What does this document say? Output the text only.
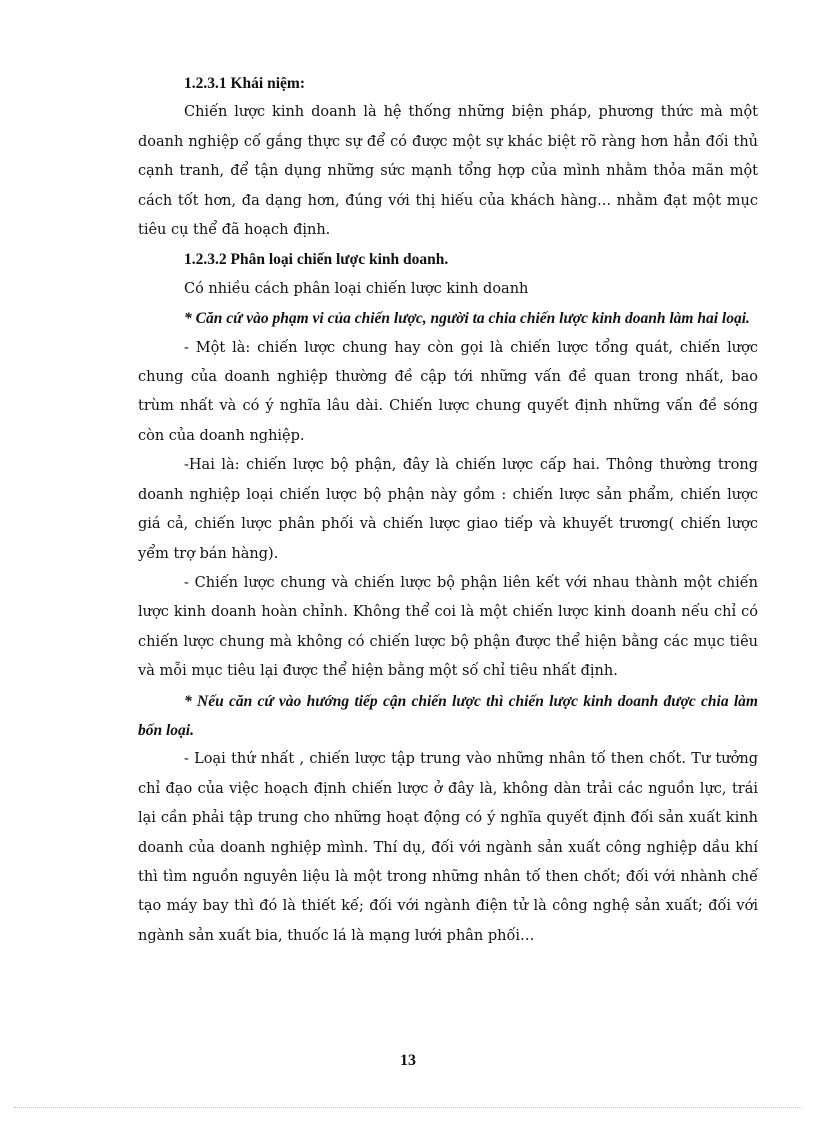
1.2.3.1 Khái niệm:

Chiến lược kinh doanh là hệ thống những biện pháp, phương thức mà một doanh nghiệp cố gắng thực sự để có được một sự khác biệt rõ ràng hơn hẳn đối thủ cạnh tranh, để tận dụng những sức mạnh tổng hợp của mình nhằm thỏa mãn một cách tốt hơn, đa dạng hơn, đúng với thị hiếu của khách hàng... nhằm đạt một mục tiêu cụ thể đã hoạch định.

1.2.3.2 Phân loại chiến lược kinh doanh.

Có nhiều cách phân loại chiến lược kinh doanh

* Căn cứ vào phạm vi của chiến lược, người ta chia chiến lược kinh doanh làm hai loại.

- Một là: chiến lược chung hay còn gọi là chiến lược tổng quát, chiến lược chung của doanh nghiệp thường đề cập tới những vấn đề quan trong nhất, bao trùm nhất và có ý nghĩa lâu dài. Chiến lược chung quyết định những vấn đề sóng còn của doanh nghiệp.

-Hai là: chiến lược bộ phận, đây là chiến lược cấp hai. Thông thường trong doanh nghiệp loại chiến lược bộ phận này gồm : chiến lược sản phẩm, chiến lược giá cả, chiến lược phân phối và chiến lược giao tiếp và khuyết trương( chiến lược yểm trợ bán hàng).

- Chiến lược chung và chiến lược bộ phận liên kết với nhau thành một chiến lược kinh doanh hoàn chỉnh. Không thể coi là một chiến lược kinh doanh nếu chỉ có chiến lược chung mà không có chiến lược bộ phận được thể hiện bằng các mục tiêu và mỗi mục tiêu lại được thể hiện bằng một số chỉ tiêu nhất định.

* Nếu căn cứ vào hướng tiếp cận chiến lược thì chiến lược kinh doanh được chia làm bốn loại.

- Loại thứ nhất , chiến lược tập trung vào những nhân tố then chốt. Tư tưởng chỉ đạo của việc hoạch định chiến lược ở đây là, không dàn trải các nguồn lực, trái lại cần phải tập trung cho những hoạt động có ý nghĩa quyết định đối sản xuất kinh doanh của doanh nghiệp mình. Thí dụ, đối với ngành sản xuất công nghiệp dầu khí thì tìm nguồn nguyên liệu là một trong những nhân tố then chốt; đối với nhành chế tạo máy bay thì đó là thiết kế; đối với ngành điện tử là công nghệ sản xuất; đối với ngành sản xuất bia, thuốc lá là mạng lưới phân phối…

13
